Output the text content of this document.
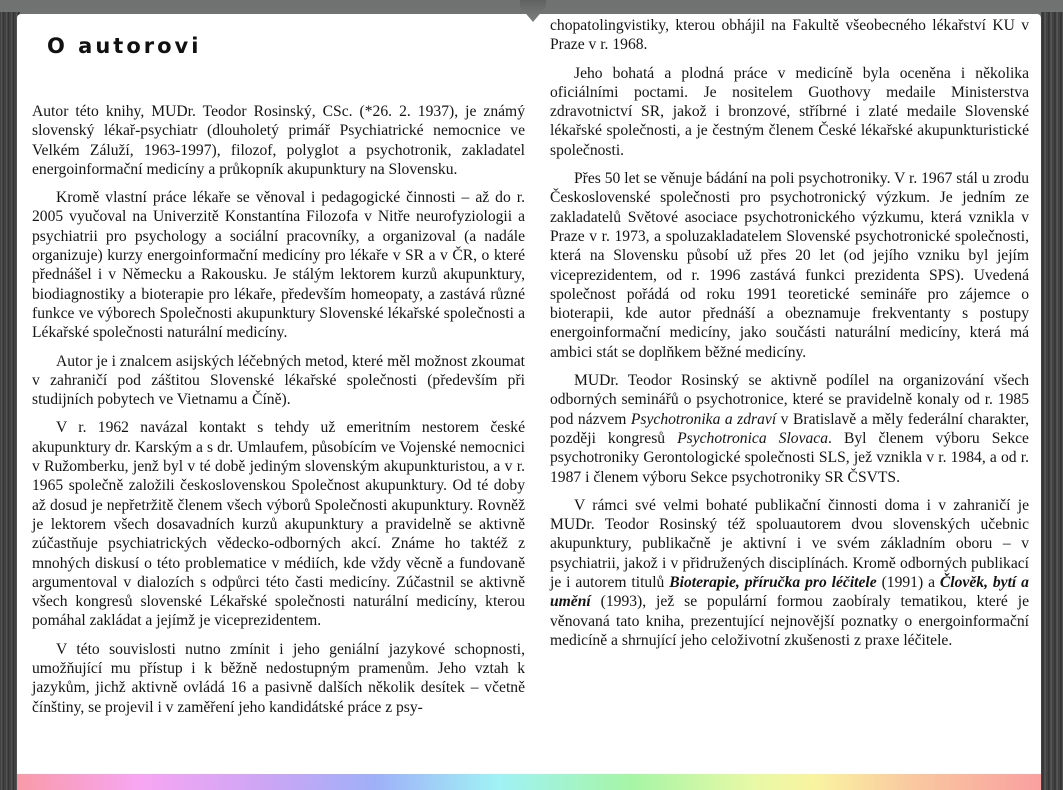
O autorovi

Autor této knihy, MUDr. Teodor Rosinský, CSc. (*26. 2. 1937), je známý slovenský lékař-psychiatr (dlouholetý primář Psychiatrické nemocnice ve Velkém Záluží, 1963-1997), filozof, polyglot a psychotronik, zakladatel energoinformační medicíny a průkopník akupunktury na Slovensku.

Kromě vlastní práce lékaře se věnoval i pedagogické činnosti – až do r. 2005 vyučoval na Univerzitě Konstantína Filozofa v Nitře neurofyziologii a psychiatrii pro psychology a sociální pracovníky, a organizoval (a nadále organizuje) kurzy energoinformační medicíny pro lékaře v SR a v ČR, o které přednášel i v Německu a Rakousku. Je stálým lektorem kurzů akupunktury, biodiagnostiky a bioterapie pro lékaře, především homeopaty, a zastává různé funkce ve výborech Společnosti akupunktury Slovenské lékařské společnosti a Lékařské společnosti naturální medicíny.

Autor je i znalcem asijských léčebných metod, které měl možnost zkoumat v zahraničí pod záštitou Slovenské lékařské společnosti (především při studijních pobytech ve Vietnamu a Číně).

V r. 1962 navázal kontakt s tehdy už emeritním nestorem české akupunktury dr. Karským a s dr. Umlaufem, působícím ve Vojenské nemocnici v Ružomberku, jenž byl v té době jediným slovenským akupunkturistou, a v r. 1965 společně založili československou Společnost akupunktury. Od té doby až dosud je nepřetržitě členem všech výborů Společnosti akupunktury. Rovněž je lektorem všech dosavadních kurzů akupunktury a pravidelně se aktivně zúčastňuje psychiatrických vědecko-odborných akcí. Známe ho taktéž z mnohých diskusí o této problematice v médiích, kde vždy věcně a fundovaně argumentoval v dialozích s odpůrci této časti medicíny. Zúčastnil se aktivně všech kongresů slovenské Lékařské společnosti naturální medicíny, kterou pomáhal zakládat a jejímž je viceprezidentem.

V této souvislosti nutno zmínit i jeho geniální jazykové schopnosti, umožňující mu přístup i k běžně nedostupným pramenům. Jeho vztah k jazykům, jichž aktivně ovládá 16 a pasivně dalších několik desítek – včetně čínštiny, se projevil i v zaměření jeho kandidátské práce z psy-

chopatolingvistiky, kterou obhájil na Fakultě všeobecného lékařství KU v Praze v r. 1968.

Jeho bohatá a plodná práce v medicíně byla oceněna i několika oficiálními poctami. Je nositelem Guothovy medaile Ministerstva zdravotnictví SR, jakož i bronzové, stříbrné i zlaté medaile Slovenské lékařské společnosti, a je čestným členem České lékařské akupunkturistické společnosti.

Přes 50 let se věnuje bádání na poli psychotroniky. V r. 1967 stál u zrodu Československé společnosti pro psychotronický výzkum. Je jedním ze zakladatelů Světové asociace psychotronického výzkumu, která vznikla v Praze v r. 1973, a spoluzakladatelem Slovenské psychotronické společnosti, která na Slovensku působí už přes 20 let (od jejího vzniku byl jejím viceprezidentem, od r. 1996 zastává funkci prezidenta SPS). Uvedená společnost pořádá od roku 1991 teoretické semináře pro zájemce o bioterapii, kde autor přednáší a obeznamuje frekventanty s postupy energoinformační medicíny, jako součásti naturální medicíny, která má ambici stát se doplňkem běžné medicíny.

MUDr. Teodor Rosinský se aktivně podílel na organizování všech odborných seminářů o psychotronice, které se pravidelně konaly od r. 1985 pod názvem Psychotronika a zdraví v Bratislavě a měly federální charakter, později kongresů Psychotronica Slovaca. Byl členem výboru Sekce psychotroniky Gerontologické společnosti SLS, jež vznikla v r. 1984, a od r. 1987 i členem výboru Sekce psychotroniky SR ČSVTS.

V rámci své velmi bohaté publikační činnosti doma i v zahraničí je MUDr. Teodor Rosinský též spoluautorem dvou slovenských učebnic akupunktury, publikačně je aktivní i ve svém základním oboru – v psychiatrii, jakož i v přidružených disciplínách. Kromě odborných publikací je i autorem titulů Bioterapie, příručka pro léčitele (1991) a Člověk, bytí a umění (1993), jež se populární formou zaobíraly tematikou, které je věnovaná tato kniha, prezentující nejnovější poznatky o energoinformační medicíně a shrnující jeho celoživotní zkušenosti z praxe léčitele.
